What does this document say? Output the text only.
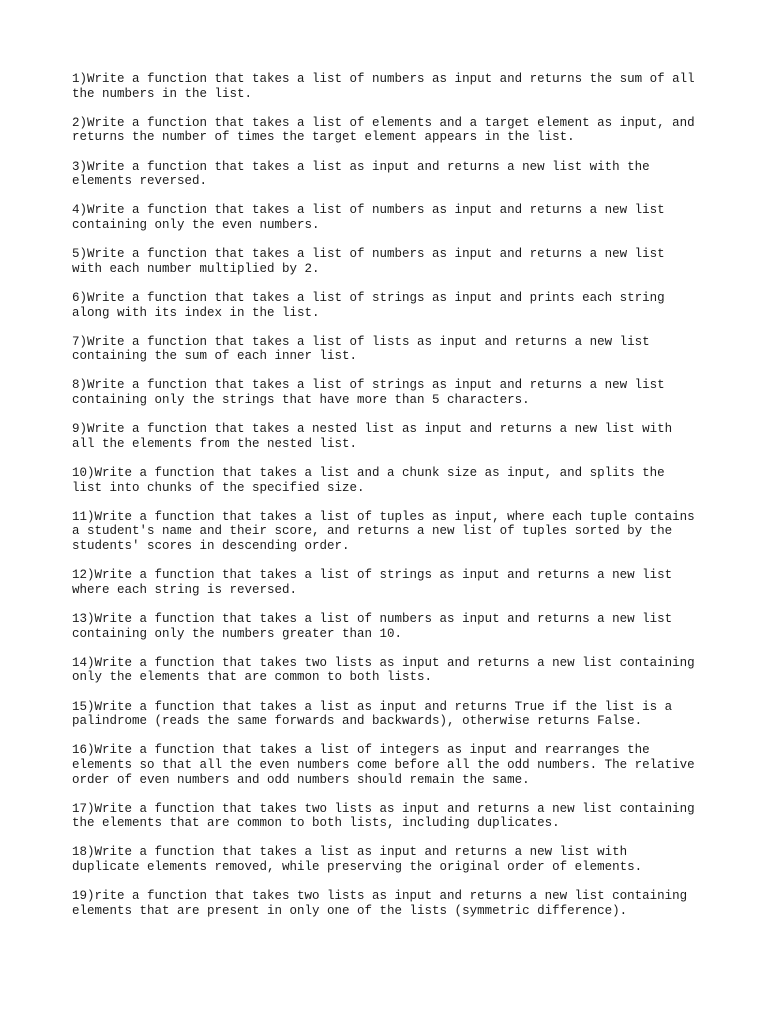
1)Write a function that takes a list of numbers as input and returns the sum of all
the numbers in the list.
2)Write a function that takes a list of elements and a target element as input, and
returns the number of times the target element appears in the list.
3)Write a function that takes a list as input and returns a new list with the
elements reversed.
4)Write a function that takes a list of numbers as input and returns a new list
containing only the even numbers.
5)Write a function that takes a list of numbers as input and returns a new list
with each number multiplied by 2.
6)Write a function that takes a list of strings as input and prints each string
along with its index in the list.
7)Write a function that takes a list of lists as input and returns a new list
containing the sum of each inner list.
8)Write a function that takes a list of strings as input and returns a new list
containing only the strings that have more than 5 characters.
9)Write a function that takes a nested list as input and returns a new list with
all the elements from the nested list.
10)Write a function that takes a list and a chunk size as input, and splits the
list into chunks of the specified size.
11)Write a function that takes a list of tuples as input, where each tuple contains
a student's name and their score, and returns a new list of tuples sorted by the
students' scores in descending order.
12)Write a function that takes a list of strings as input and returns a new list
where each string is reversed.
13)Write a function that takes a list of numbers as input and returns a new list
containing only the numbers greater than 10.
14)Write a function that takes two lists as input and returns a new list containing
only the elements that are common to both lists.
15)Write a function that takes a list as input and returns True if the list is a
palindrome (reads the same forwards and backwards), otherwise returns False.
16)Write a function that takes a list of integers as input and rearranges the
elements so that all the even numbers come before all the odd numbers. The relative
order of even numbers and odd numbers should remain the same.
17)Write a function that takes two lists as input and returns a new list containing
the elements that are common to both lists, including duplicates.
18)Write a function that takes a list as input and returns a new list with
duplicate elements removed, while preserving the original order of elements.
19)rite a function that takes two lists as input and returns a new list containing
elements that are present in only one of the lists (symmetric difference).
